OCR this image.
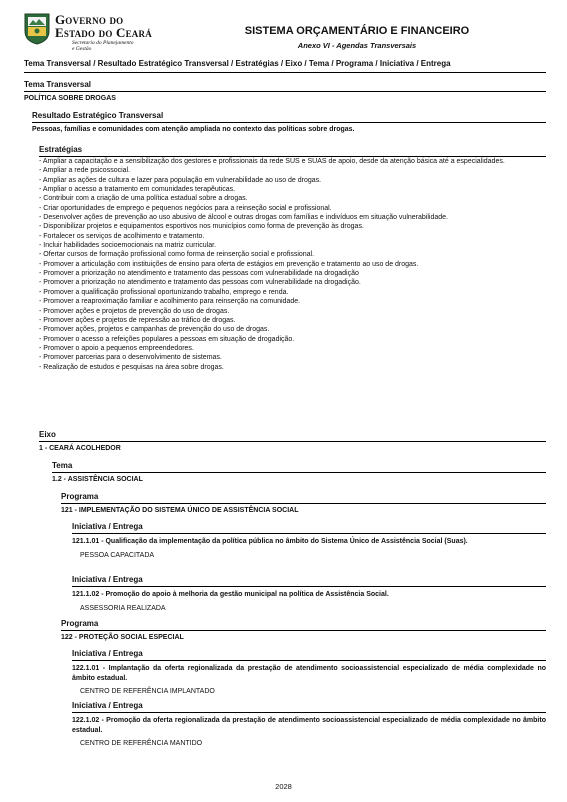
Governo do
Estado do Ceará
Secretaria do Planejamento
e Gestão
SISTEMA ORÇAMENTÁRIO E FINANCEIRO
Anexo VI - Agendas Transversais
Tema Transversal / Resultado Estratégico Transversal / Estratégias / Eixo / Tema / Programa / Iniciativa / Entrega
Tema Transversal
POLÍTICA SOBRE DROGAS
Resultado Estratégico Transversal
Pessoas, famílias e comunidades com atenção ampliada no contexto das políticas sobre drogas.
Estratégias
- Ampliar a capacitação e a sensibilização dos gestores e profissionais da rede SUS e SUAS de apoio, desde da atenção básica até a especialidades.
- Ampliar a rede psicossocial.
- Ampliar as ações de cultura e lazer para população em vulnerabilidade ao uso de drogas.
- Ampliar o acesso a tratamento em comunidades terapêuticas.
- Contribuir com a criação de uma política estadual sobre a drogas.
- Criar oportunidades de emprego e pequenos negócios para a reinseção social e profissional.
- Desenvolver ações de prevenção ao uso abusivo de álcool e outras drogas com famílias e indivíduos em situação vulnerabilidade.
- Disponibilizar projetos e equipamentos esportivos nos municípios como forma de prevenção às drogas.
- Fortalecer os serviços de acolhimento e tratamento.
- Incluir habilidades socioemocionais na matriz curricular.
- Ofertar cursos de formação profissional como forma de reinserção social e profissional.
- Promover a articulação com instituições de ensino para oferta de estágios em prevenção e tratamento ao uso de drogas.
- Promover a priorização no atendimento e tratamento das pessoas com vulnerabilidade na drogadição
- Promover a priorização no atendimento e tratamento das pessoas com vulnerabilidade na drogadição.
- Promover a qualificação profissional oportunizando trabalho, emprego e renda.
- Promover a reaproximação familiar e acolhimento para reinserção na comunidade.
- Promover ações e projetos de prevenção do uso de drogas.
- Promover ações e projetos de repressão ao tráfico de drogas.
- Promover ações, projetos e campanhas de prevenção do uso de drogas.
- Promover o acesso a refeições populares a pessoas em situação de drogadição.
- Promover o apoio a pequenos empreendedores.
- Promover parcerias para o desenvolvimento de sistemas.
- Realização de estudos e pesquisas na área sobre drogas.
Eixo
1 - CEARÁ ACOLHEDOR
Tema
1.2 - ASSISTÊNCIA SOCIAL
Programa
121 - IMPLEMENTAÇÃO DO SISTEMA ÚNICO DE ASSISTÊNCIA SOCIAL
Iniciativa / Entrega
121.1.01 - Qualificação da implementação da política pública no âmbito do Sistema Único de Assistência Social (Suas).
PESSOA CAPACITADA
Iniciativa / Entrega
121.1.02 - Promoção do apoio à melhoria da gestão municipal na política de Assistência Social.
ASSESSORIA REALIZADA
Programa
122 - PROTEÇÃO SOCIAL ESPECIAL
Iniciativa / Entrega
122.1.01 - Implantação da oferta regionalizada da prestação de atendimento socioassistencial especializado de média complexidade no âmbito estadual.
CENTRO DE REFERÊNCIA IMPLANTADO
Iniciativa / Entrega
122.1.02 - Promoção da oferta regionalizada da prestação de atendimento socioassistencial especializado de média complexidade no âmbito estadual.
CENTRO DE REFERÊNCIA MANTIDO
2028
